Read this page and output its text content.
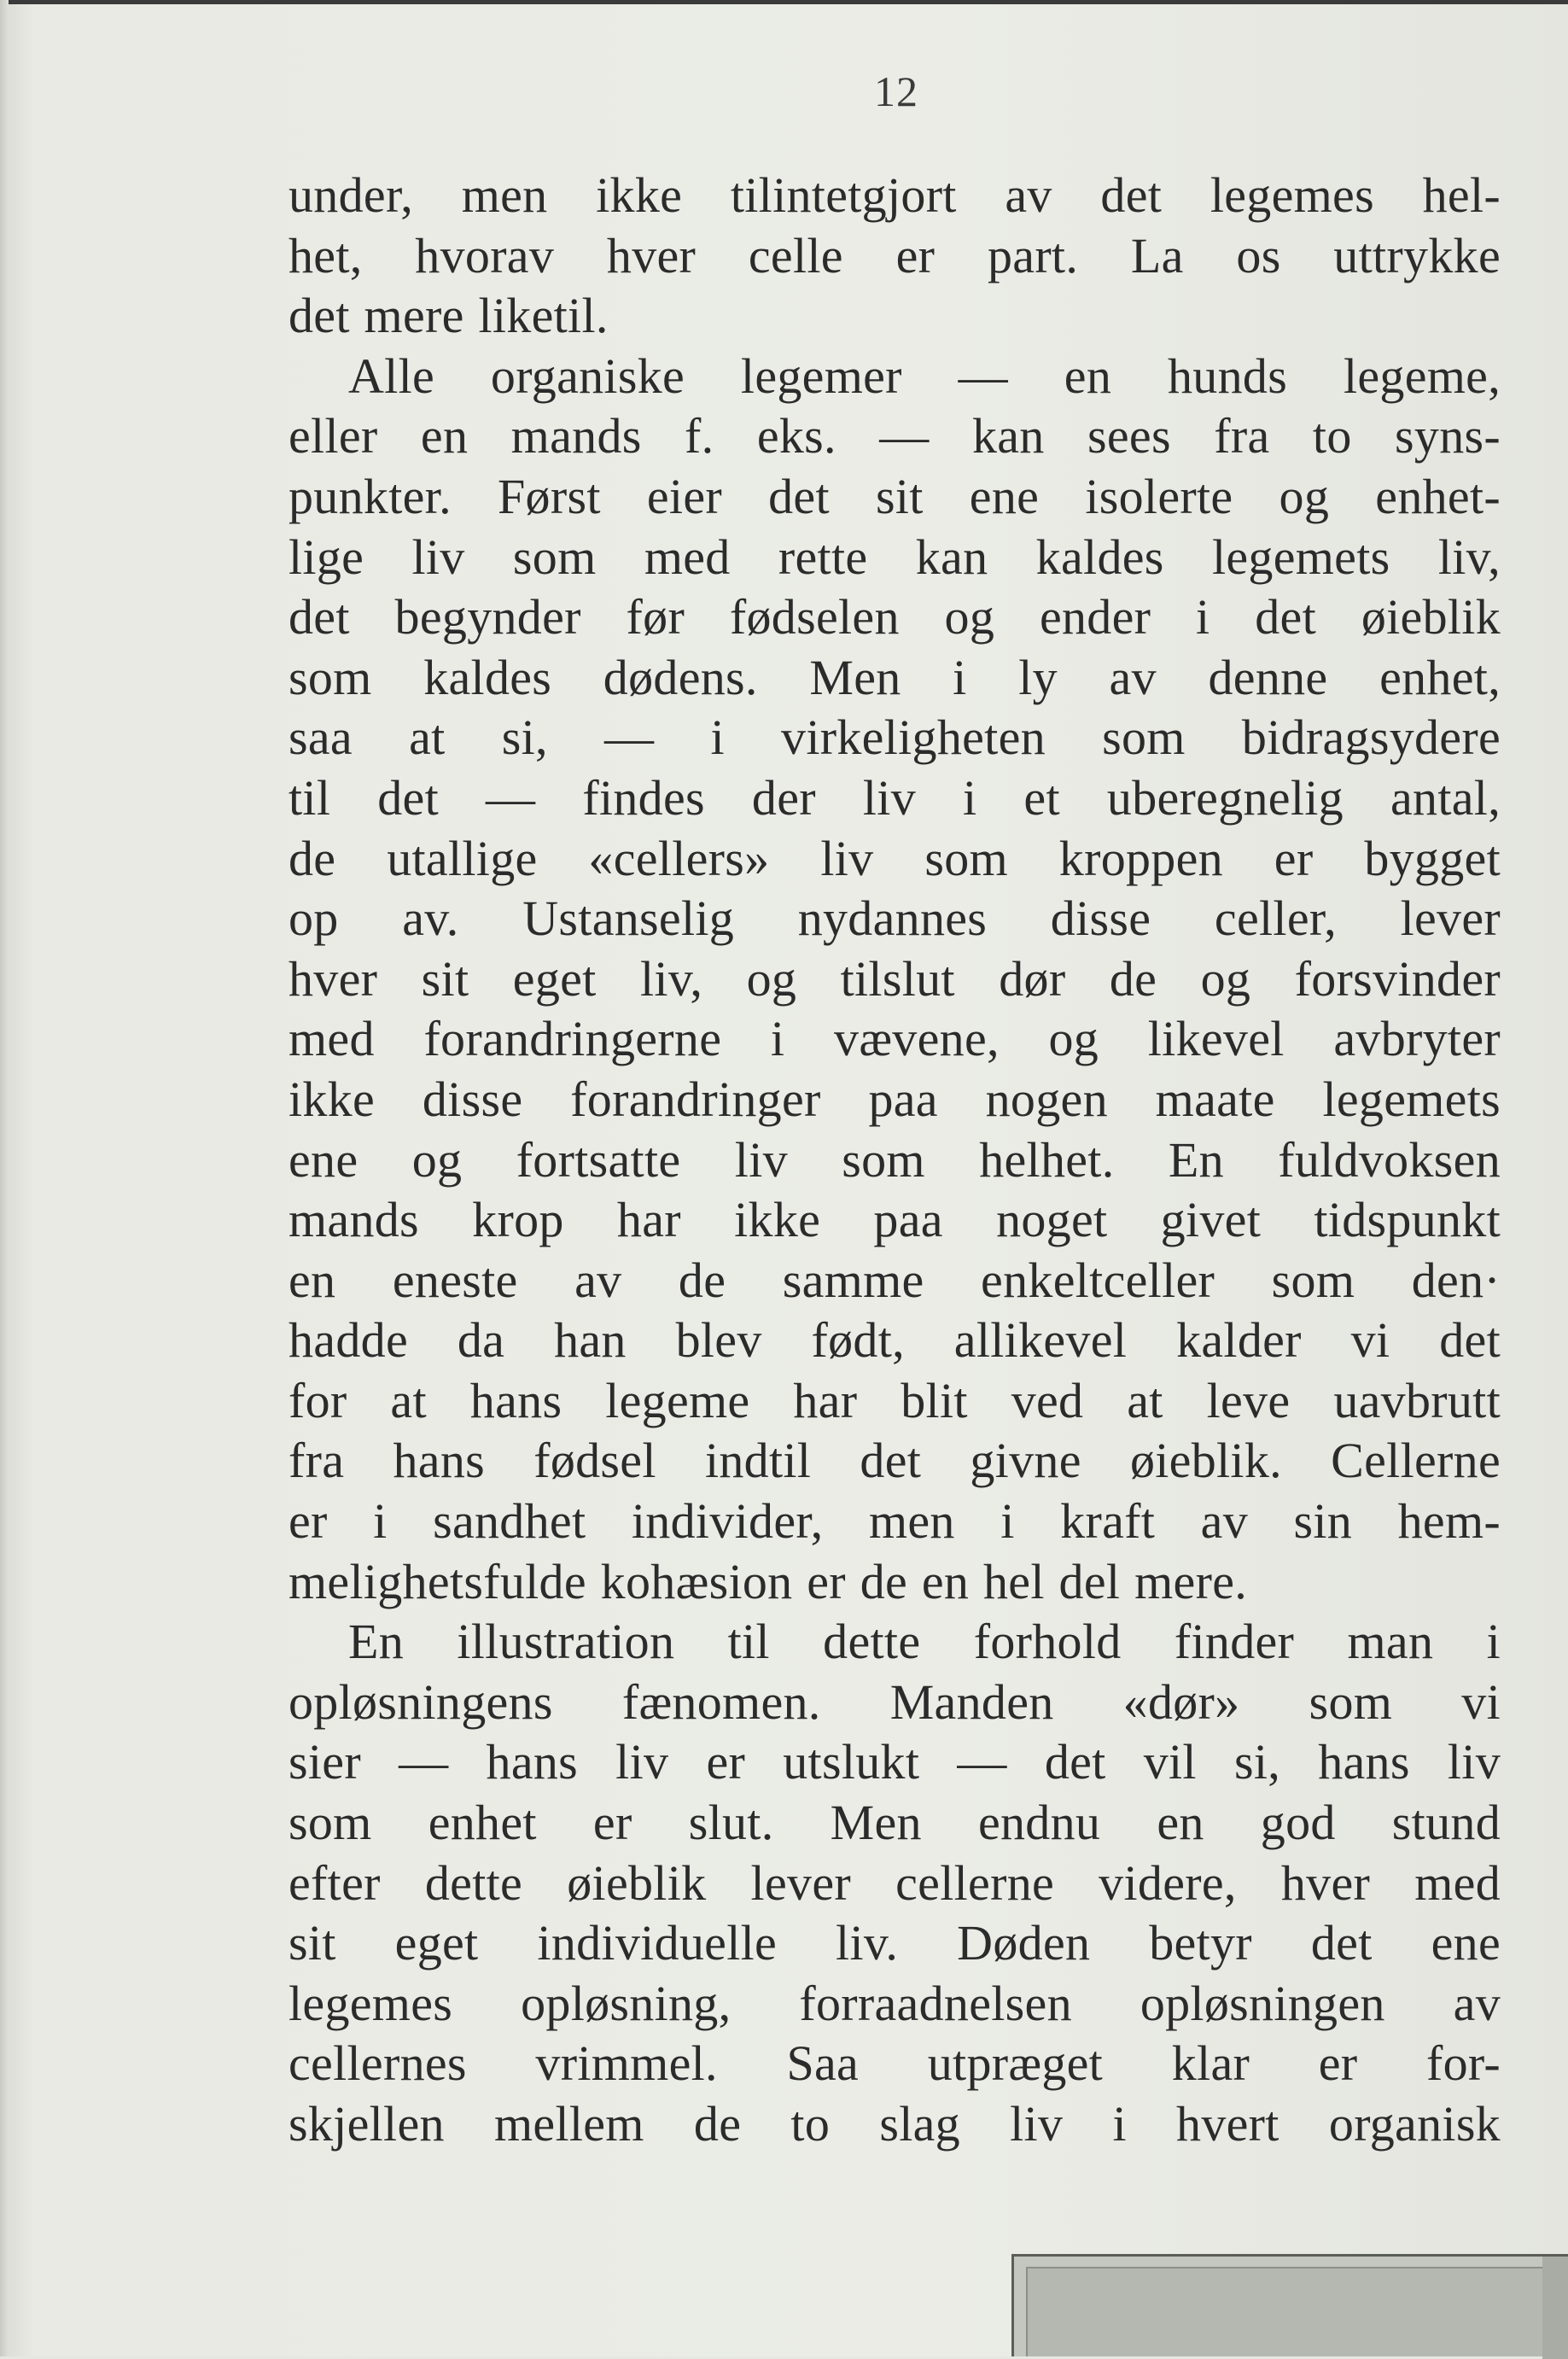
12
under, men ikke tilintetgjort av det legemes hel-
het, hvorav hver celle er part. La os uttrykke
det mere liketil.
Alle organiske legemer — en hunds legeme,
eller en mands f. eks. — kan sees fra to syns-
punkter. Først eier det sit ene isolerte og enhet-
lige liv som med rette kan kaldes legemets liv,
det begynder før fødselen og ender i det øieblik
som kaldes dødens. Men i ly av denne enhet,
saa at si, — i virkeligheten som bidragsydere
til det — findes der liv i et uberegnelig antal,
de utallige «cellers» liv som kroppen er bygget
op av. Ustanselig nydannes disse celler, lever
hver sit eget liv, og tilslut dør de og forsvinder
med forandringerne i vævene, og likevel avbryter
ikke disse forandringer paa nogen maate legemets
ene og fortsatte liv som helhet. En fuldvoksen
mands krop har ikke paa noget givet tidspunkt
en eneste av de samme enkeltceller som den·
hadde da han blev født, allikevel kalder vi det
for at hans legeme har blit ved at leve uavbrutt
fra hans fødsel indtil det givne øieblik. Cellerne
er i sandhet individer, men i kraft av sin hem-
melighetsfulde kohæsion er de en hel del mere.
En illustration til dette forhold finder man i
opløsningens fænomen. Manden «dør» som vi
sier — hans liv er utslukt — det vil si, hans liv
som enhet er slut. Men endnu en god stund
efter dette øieblik lever cellerne videre, hver med
sit eget individuelle liv. Døden betyr det ene
legemes opløsning, forraadnelsen opløsningen av
cellernes vrimmel. Saa utpræget klar er for-
skjellen mellem de to slag liv i hvert organisk
